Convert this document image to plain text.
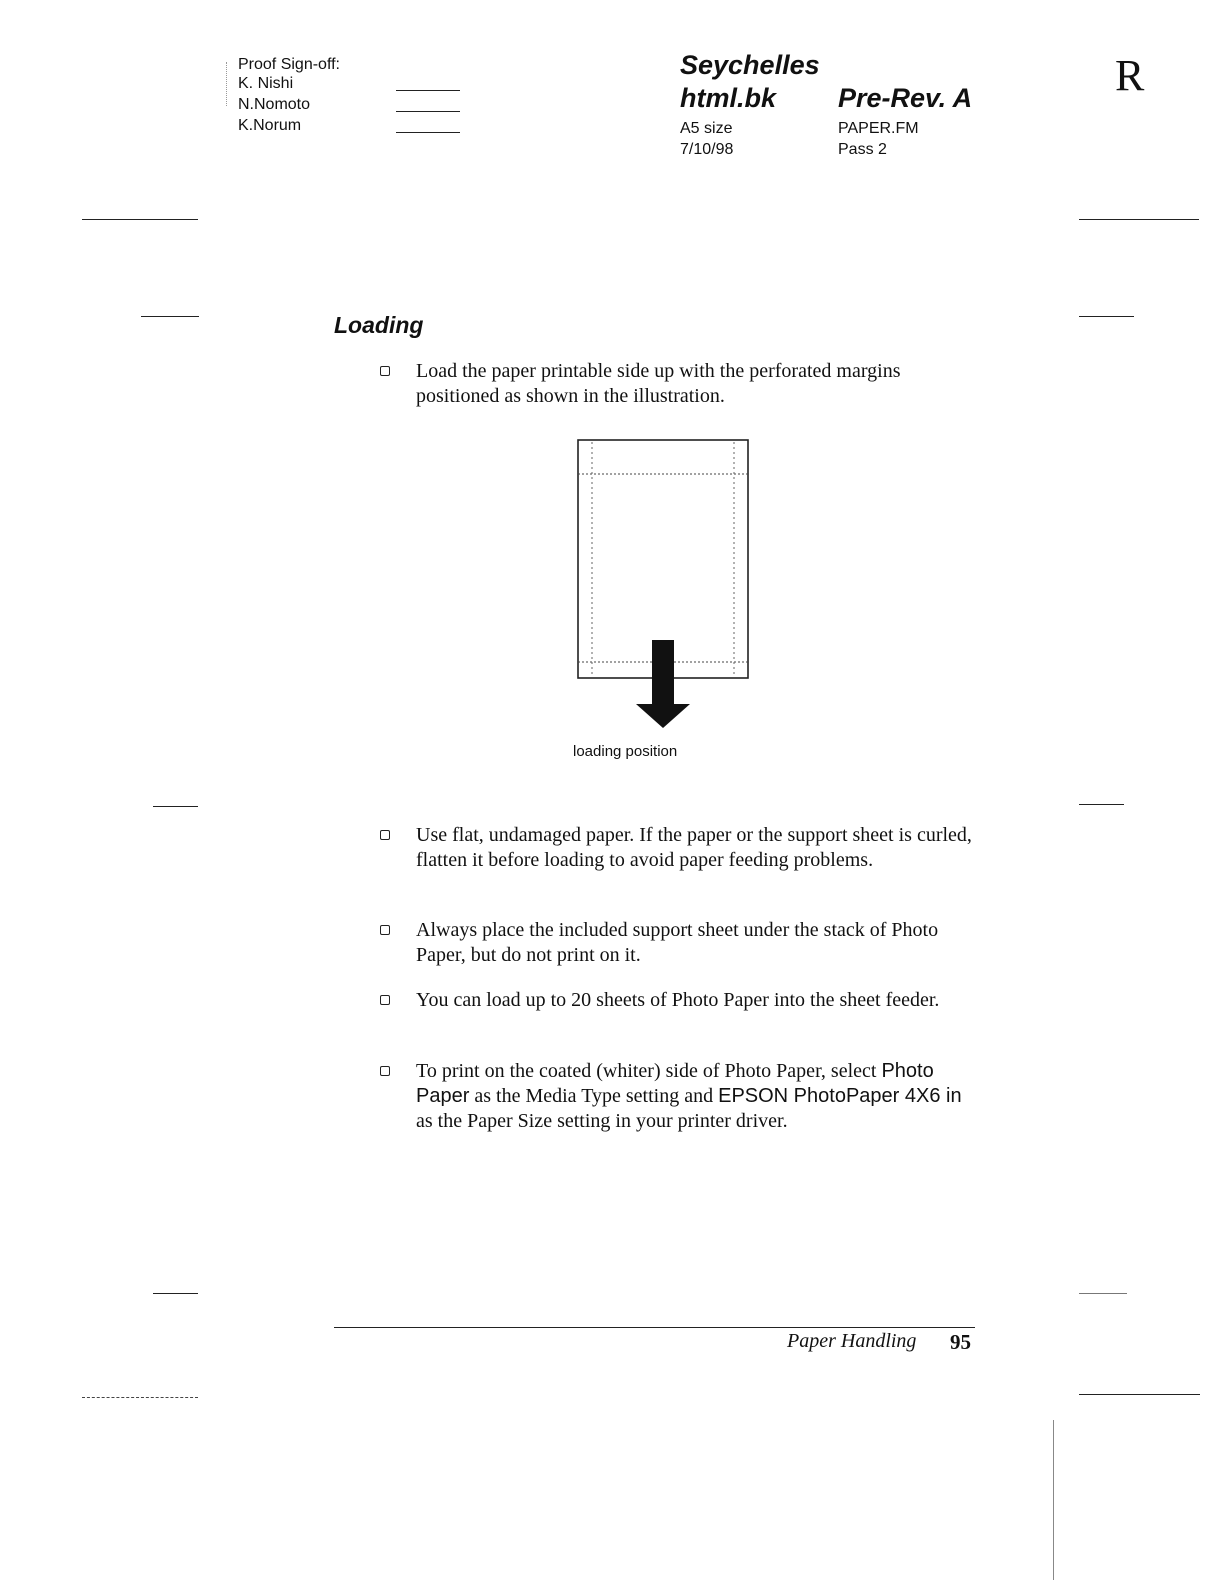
Proof Sign-off:
K. Nishi
N.Nomoto
K.Norum
Seychelles
html.bk Pre-Rev. A
A5 size
7/10/98
PAPER.FM
Pass 2
R
Loading
Load the paper printable side up with the perforated margins positioned as shown in the illustration.
loading position
Use flat, undamaged paper. If the paper or the support sheet is curled, flatten it before loading to avoid paper feeding problems.
Always place the included support sheet under the stack of Photo Paper, but do not print on it.
You can load up to 20 sheets of Photo Paper into the sheet feeder.
To print on the coated (whiter) side of Photo Paper, select Photo Paper as the Media Type setting and EPSON PhotoPaper 4X6 in as the Paper Size setting in your printer driver.
Paper Handling 95
